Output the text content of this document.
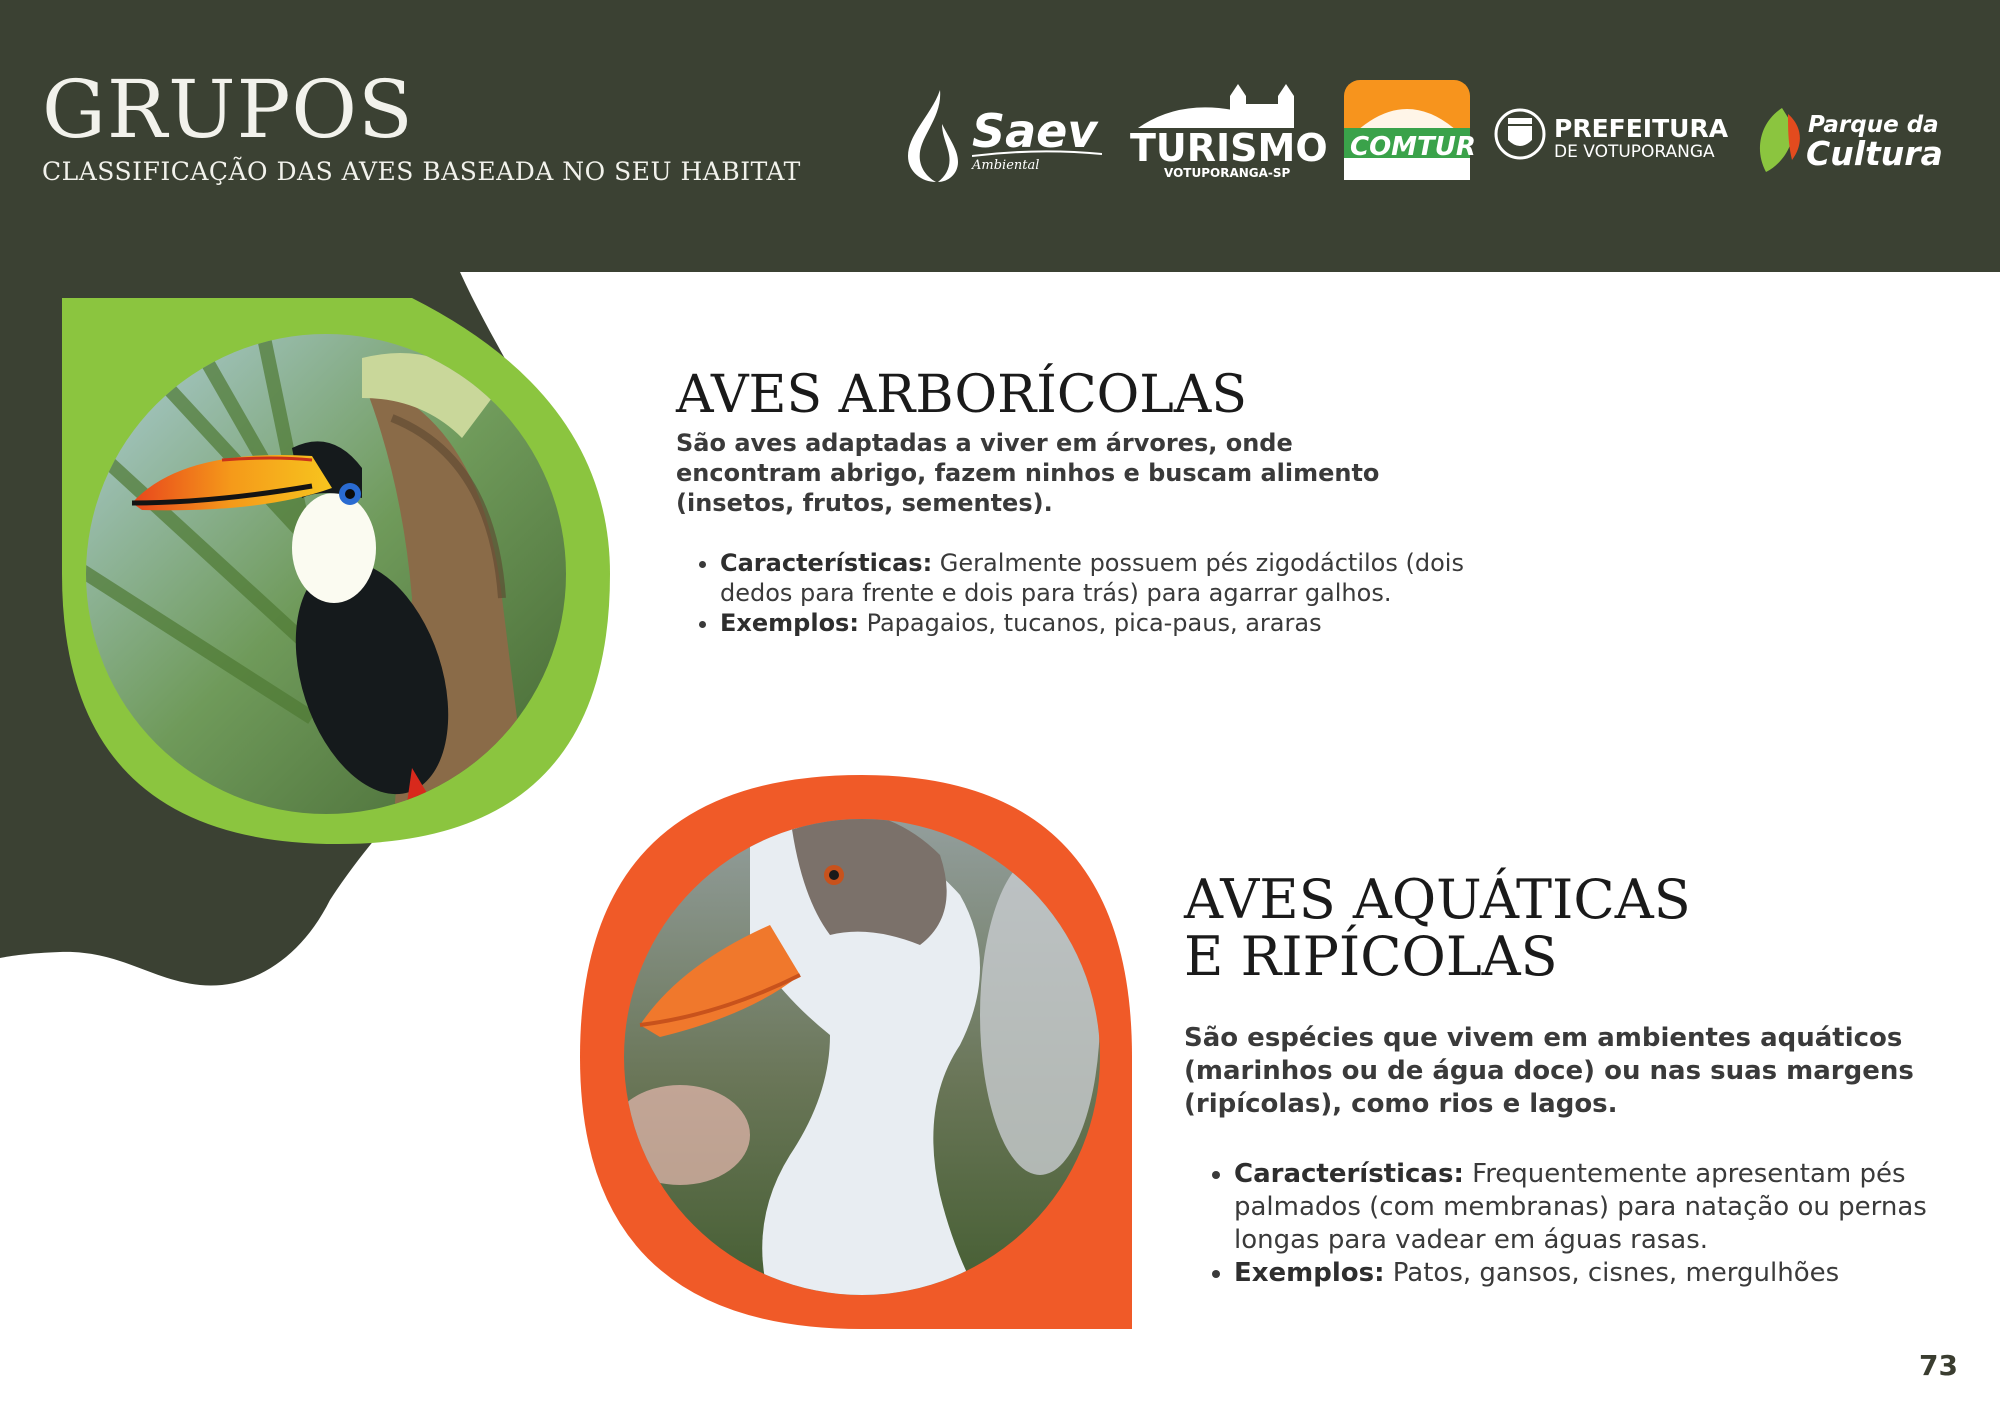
GRUPOS
CLASSIFICAÇÃO DAS AVES BASEADA NO SEU HABITAT
Saev
Ambiental TURISMO
VOTUPORANGA-SP
COMTUR
PREFEITURA
DE VOTUPORANGA
Parque da
Cultura
AVES ARBORÍCOLAS

São aves adaptadas a viver em árvores, onde encontram abrigo, fazem ninhos e buscam alimento (insetos, frutos, sementes).

• Características: Geralmente possuem pés zigodáctilos (dois dedos para frente e dois para trás) para agarrar galhos.
• Exemplos: Papagaios, tucanos, pica-paus, araras
AVES AQUÁTICAS
E RIPÍCOLAS

São espécies que vivem em ambientes aquáticos (marinhos ou de água doce) ou nas suas margens (ripícolas), como rios e lagos.

• Características: Frequentemente apresentam pés palmados (com membranas) para natação ou pernas longas para vadear em águas rasas.
• Exemplos: Patos, gansos, cisnes, mergulhões
73
